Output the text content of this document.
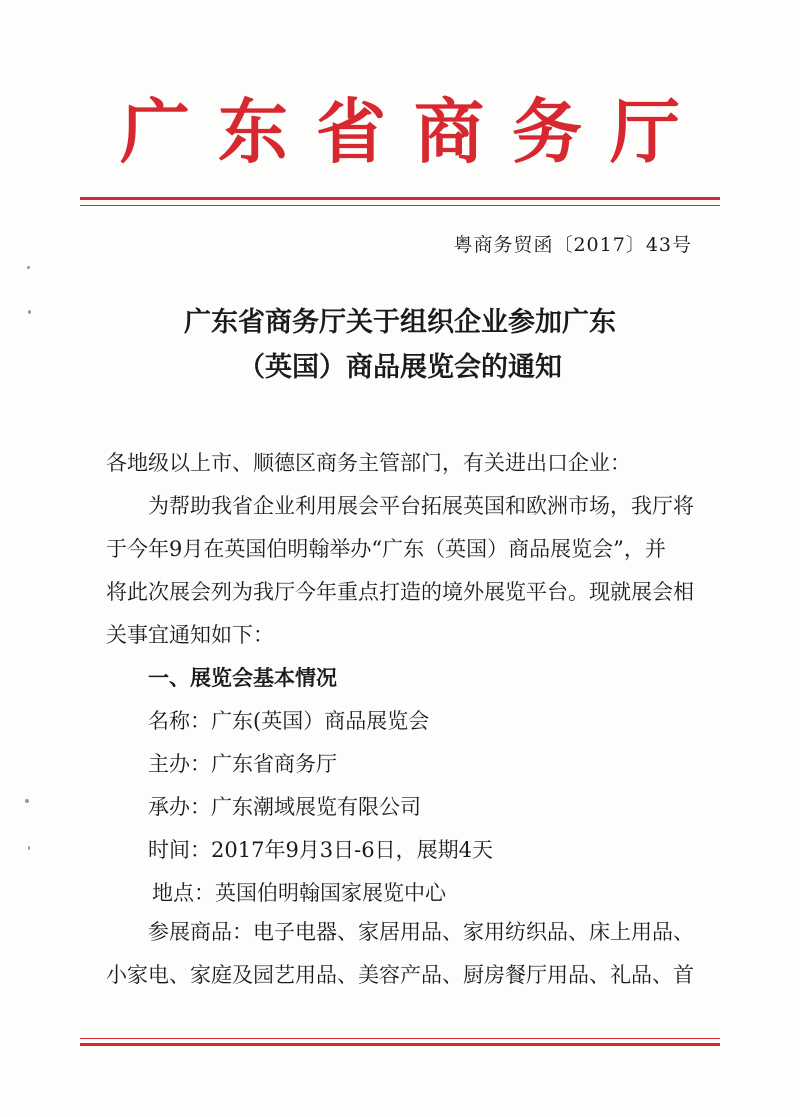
广东省商务厅
粤商务贸函〔2017〕43号
广东省商务厅关于组织企业参加广东
（英国）商品展览会的通知
各地级以上市、顺德区商务主管部门，有关进出口企业：
为帮助我省企业利用展会平台拓展英国和欧洲市场，我厅将
于今年9月在英国伯明翰举办“广东（英国）商品展览会”，并
将此次展会列为我厅今年重点打造的境外展览平台。现就展会相
关事宜通知如下：
一、展览会基本情况
名称：广东(英国）商品展览会
主办：广东省商务厅
承办：广东潮域展览有限公司
时间：2017年9月3日-6日，展期4天
地点：英国伯明翰国家展览中心
参展商品：电子电器、家居用品、家用纺织品、床上用品、
小家电、家庭及园艺用品、美容产品、厨房餐厅用品、礼品、首
